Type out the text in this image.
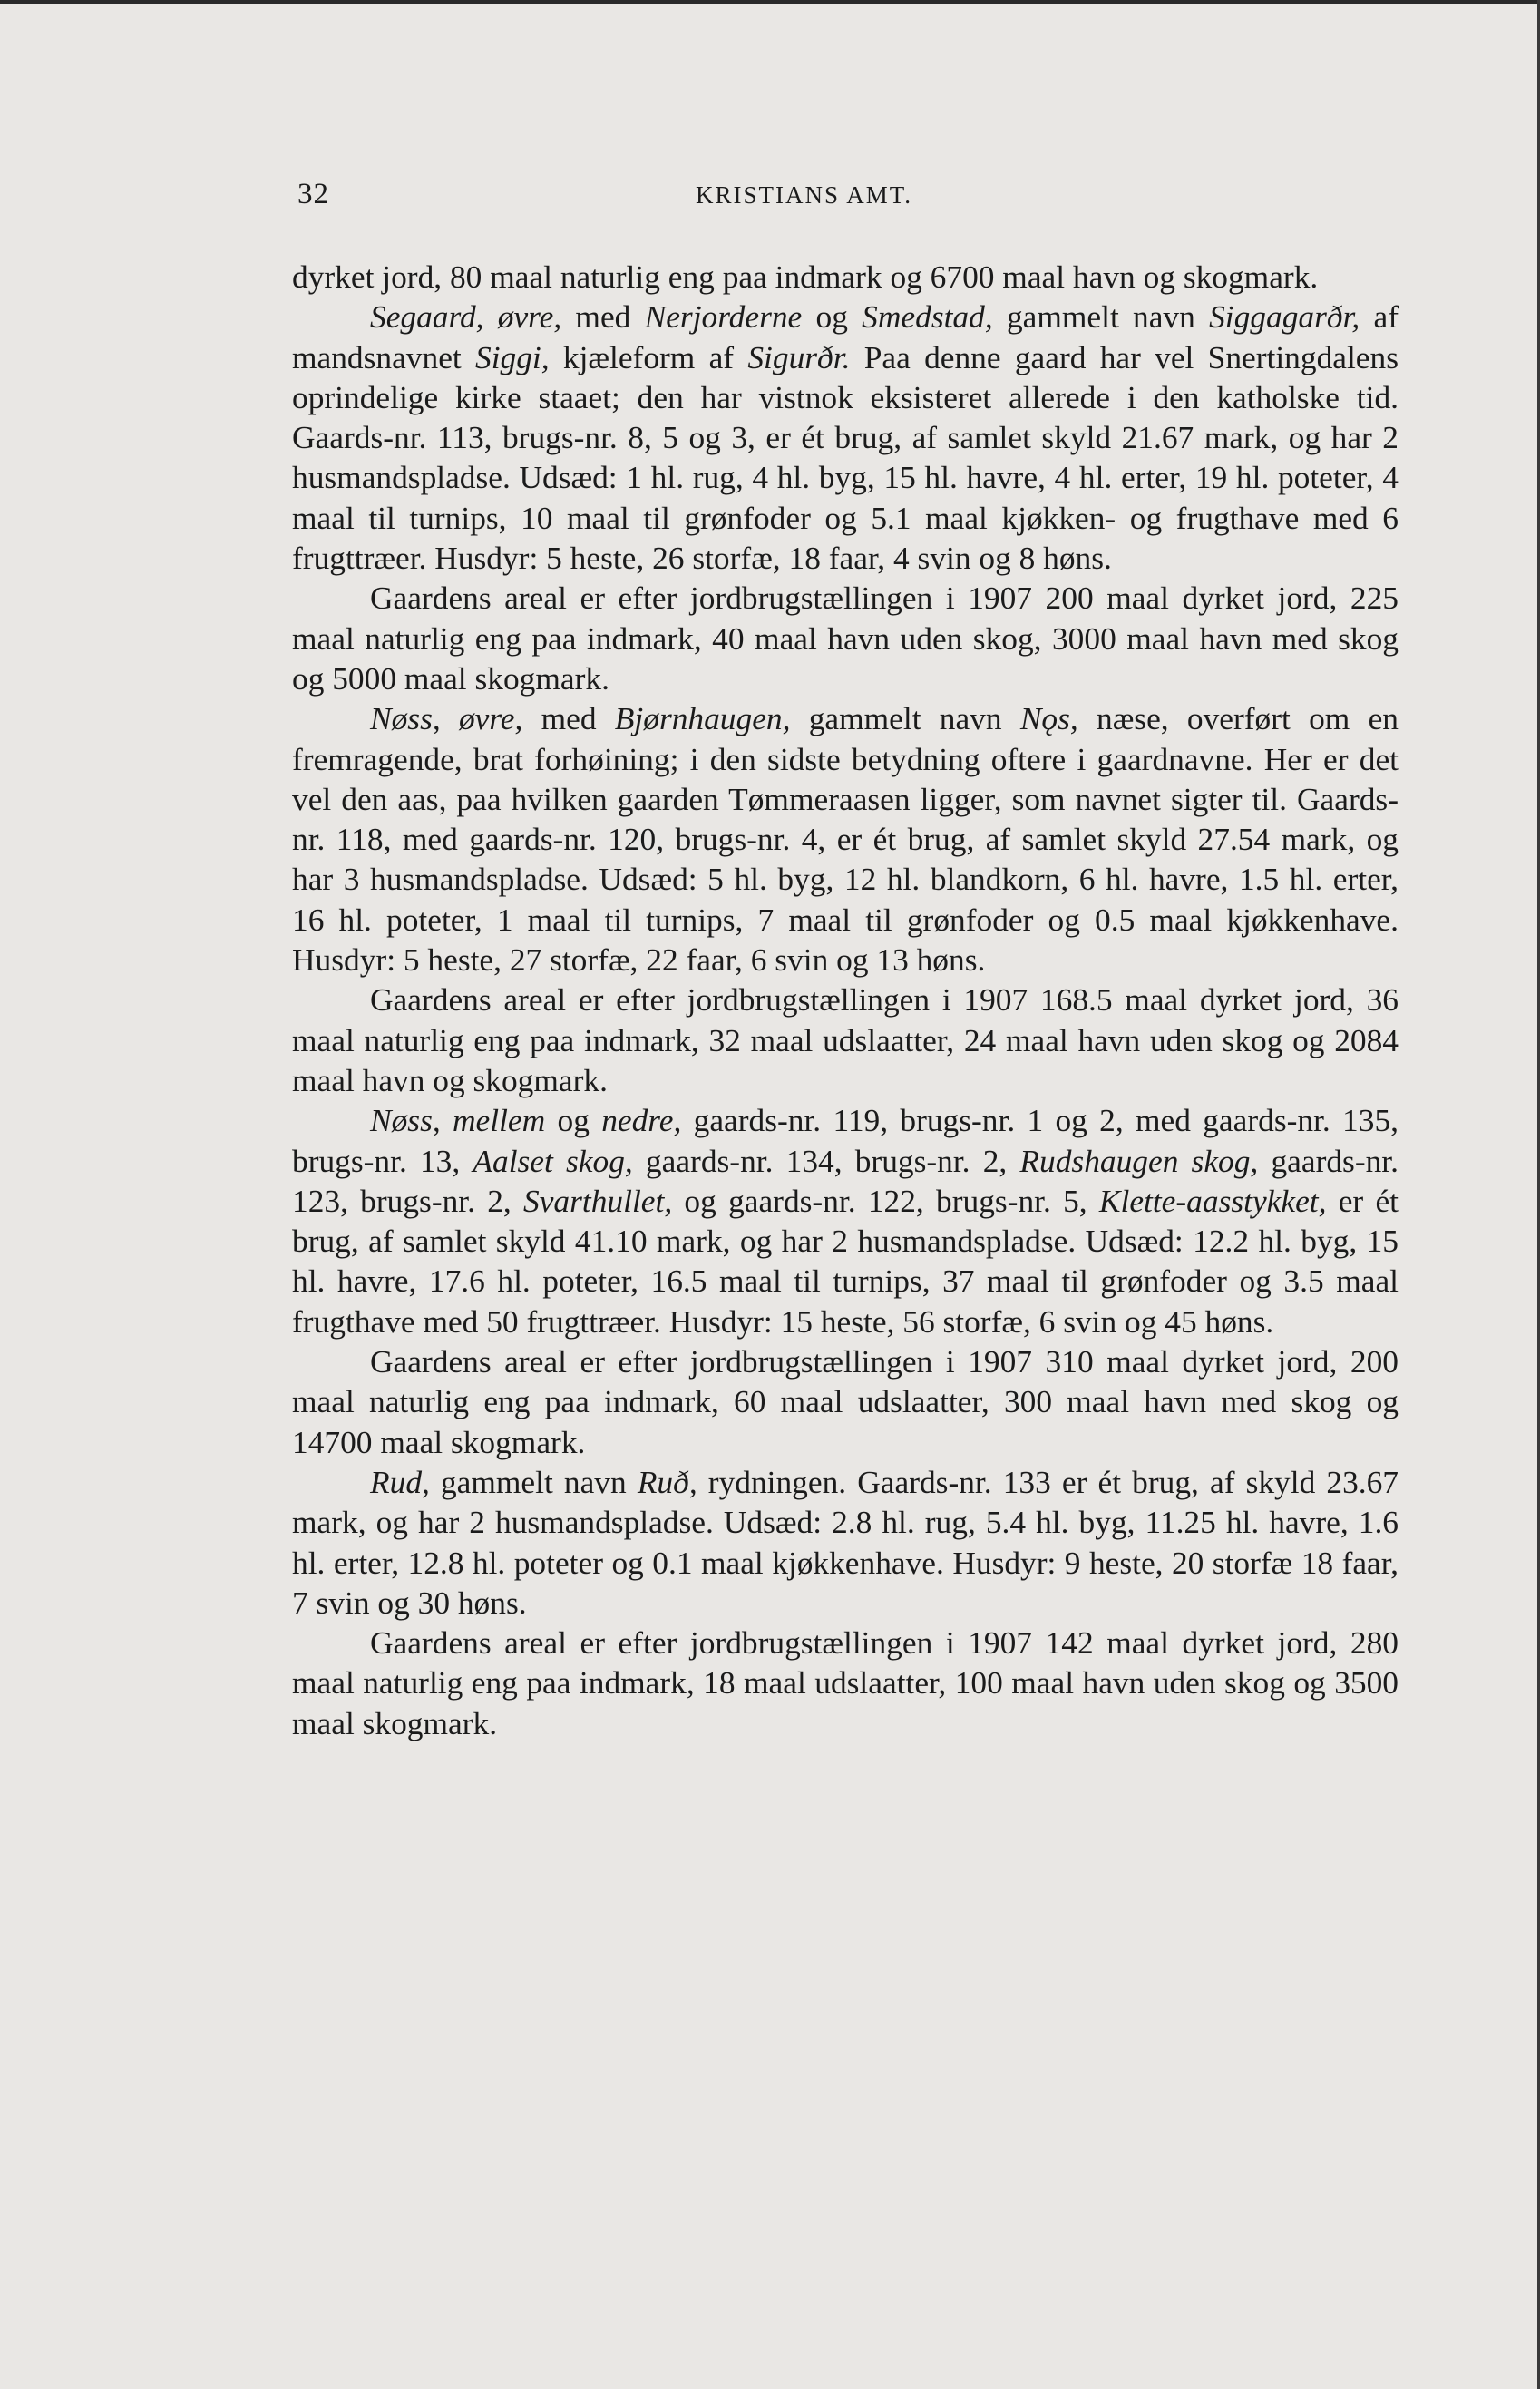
32	KRISTIANS AMT.

dyrket jord, 80 maal naturlig eng paa indmark og 6700 maal havn og skogmark.

Segaard, øvre, med Nerjorderne og Smedstad, gammelt navn Siggagarðr, af mandsnavnet Siggi, kjæleform af Sigurðr. Paa denne gaard har vel Snertingdalens oprindelige kirke staaet; den har vistnok eksisteret allerede i den katholske tid. Gaards-nr. 113, brugs-nr. 8, 5 og 3, er ét brug, af samlet skyld 21.67 mark, og har 2 husmandspladse. Udsæd: 1 hl. rug, 4 hl. byg, 15 hl. havre, 4 hl. erter, 19 hl. poteter, 4 maal til turnips, 10 maal til grønfoder og 5.1 maal kjøkken- og frugthave med 6 frugttræer. Husdyr: 5 heste, 26 storfæ, 18 faar, 4 svin og 8 høns.

Gaardens areal er efter jordbrugstællingen i 1907 200 maal dyrket jord, 225 maal naturlig eng paa indmark, 40 maal havn uden skog, 3000 maal havn med skog og 5000 maal skogmark.

Nøss, øvre, med Bjørnhaugen, gammelt navn Nǫs, næse, overført om en fremragende, brat forhøining; i den sidste betydning oftere i gaardnavne. Her er det vel den aas, paa hvilken gaarden Tømmeraasen ligger, som navnet sigter til. Gaards-nr. 118, med gaards-nr. 120, brugs-nr. 4, er ét brug, af samlet skyld 27.54 mark, og har 3 husmandspladse. Udsæd: 5 hl. byg, 12 hl. blandkorn, 6 hl. havre, 1.5 hl. erter, 16 hl. poteter, 1 maal til turnips, 7 maal til grønfoder og 0.5 maal kjøkkenhave. Husdyr: 5 heste, 27 storfæ, 22 faar, 6 svin og 13 høns.

Gaardens areal er efter jordbrugstællingen i 1907 168.5 maal dyrket jord, 36 maal naturlig eng paa indmark, 32 maal udslaatter, 24 maal havn uden skog og 2084 maal havn og skogmark.

Nøss, mellem og nedre, gaards-nr. 119, brugs-nr. 1 og 2, med gaards-nr. 135, brugs-nr. 13, Aalset skog, gaards-nr. 134, brugs-nr. 2, Rudshaugen skog, gaards-nr. 123, brugs-nr. 2, Svarthullet, og gaards-nr. 122, brugs-nr. 5, Klette-aasstykket, er ét brug, af samlet skyld 41.10 mark, og har 2 husmandspladse. Udsæd: 12.2 hl. byg, 15 hl. havre, 17.6 hl. poteter, 16.5 maal til turnips, 37 maal til grønfoder og 3.5 maal frugthave med 50 frugttræer. Husdyr: 15 heste, 56 storfæ, 6 svin og 45 høns.

Gaardens areal er efter jordbrugstællingen i 1907 310 maal dyrket jord, 200 maal naturlig eng paa indmark, 60 maal udslaatter, 300 maal havn med skog og 14700 maal skogmark.

Rud, gammelt navn Ruð, rydningen. Gaards-nr. 133 er ét brug, af skyld 23.67 mark, og har 2 husmandspladse. Udsæd: 2.8 hl. rug, 5.4 hl. byg, 11.25 hl. havre, 1.6 hl. erter, 12.8 hl. poteter og 0.1 maal kjøkkenhave. Husdyr: 9 heste, 20 storfæ 18 faar, 7 svin og 30 høns.

Gaardens areal er efter jordbrugstællingen i 1907 142 maal dyrket jord, 280 maal naturlig eng paa indmark, 18 maal udslaatter, 100 maal havn uden skog og 3500 maal skogmark.
